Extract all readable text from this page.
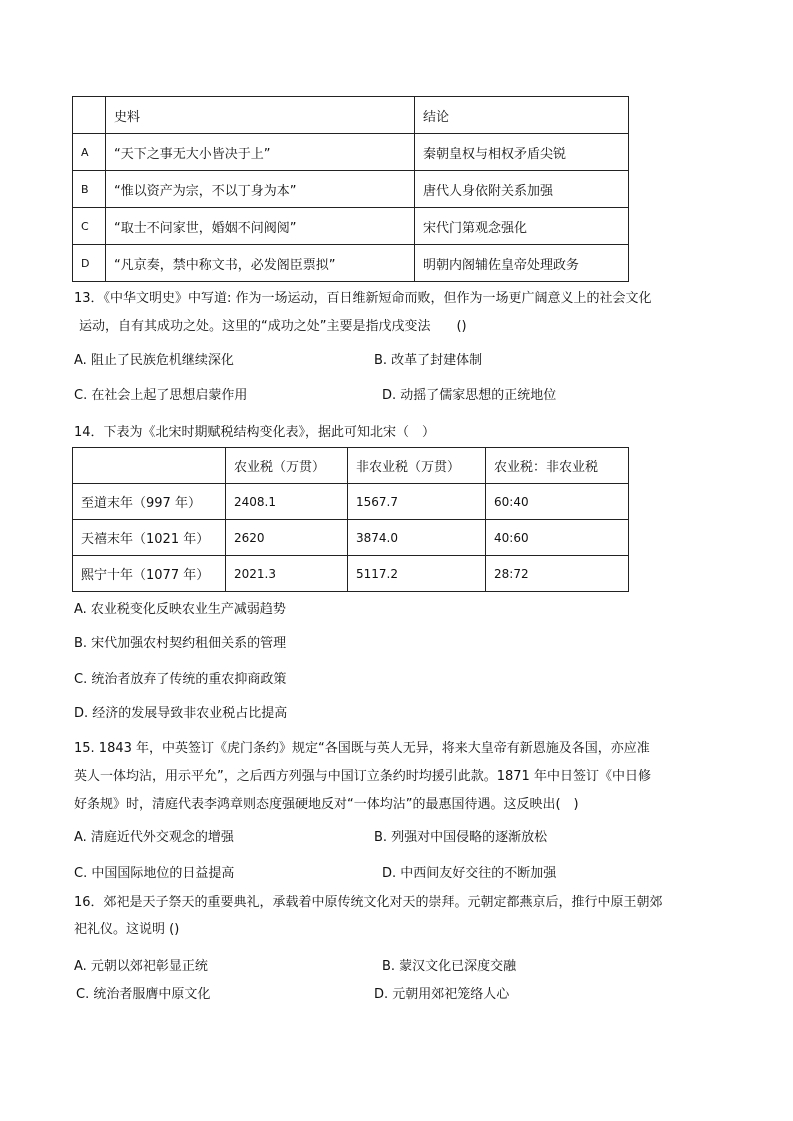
	史料	结论
A	“天下之事无大小皆决于上”	秦朝皇权与相权矛盾尖锐
B	“惟以资产为宗，不以丁身为本”	唐代人身依附关系加强
C	“取士不问家世，婚姻不问阀阅”	宋代门第观念强化
D	“凡京奏，禁中称文书，必发阁臣票拟”	明朝内阁辅佐皇帝处理政务
13．《中华文明史》中写道: 作为一场运动，百日维新短命而败，但作为一场更广阔意义上的社会文化
运动，自有其成功之处。这里的“成功之处”主要是指戊戌变法　　()
A. 阻止了民族危机继续深化	B. 改革了封建体制
C. 在社会上起了思想启蒙作用	D. 动摇了儒家思想的正统地位
14．下表为《北宋时期赋税结构变化表》，据此可知北宋（　）
	农业税（万贯）	非农业税（万贯）	农业税：非农业税
至道末年（997 年）	2408.1	1567.7	60:40
天禧末年（1021 年）	2620	3874.0	40:60
熙宁十年（1077 年）	2021.3	5117.2	28:72
A. 农业税变化反映农业生产减弱趋势
B. 宋代加强农村契约租佃关系的管理
C. 统治者放弃了传统的重农抑商政策
D. 经济的发展导致非农业税占比提高
15. 1843 年，中英签订《虎门条约》规定“各国既与英人无异，将来大皇帝有新恩施及各国，亦应准
英人一体均沾，用示平允”，之后西方列强与中国订立条约时均援引此款。1871 年中日签订《中日修
好条规》时，清庭代表李鸿章则态度强硬地反对“一体均沾”的最惠国待遇。这反映出(　)
A. 清庭近代外交观念的增强	B. 列强对中国侵略的逐渐放松
C. 中国国际地位的日益提高	D. 中西间友好交往的不断加强
16．郊祀是天子祭天的重要典礼，承载着中原传统文化对天的崇拜。元朝定都燕京后，推行中原王朝郊
祀礼仪。这说明 ()
A. 元朝以郊祀彰显正统	B. 蒙汉文化已深度交融
C. 统治者服膺中原文化	D. 元朝用郊祀笼络人心
